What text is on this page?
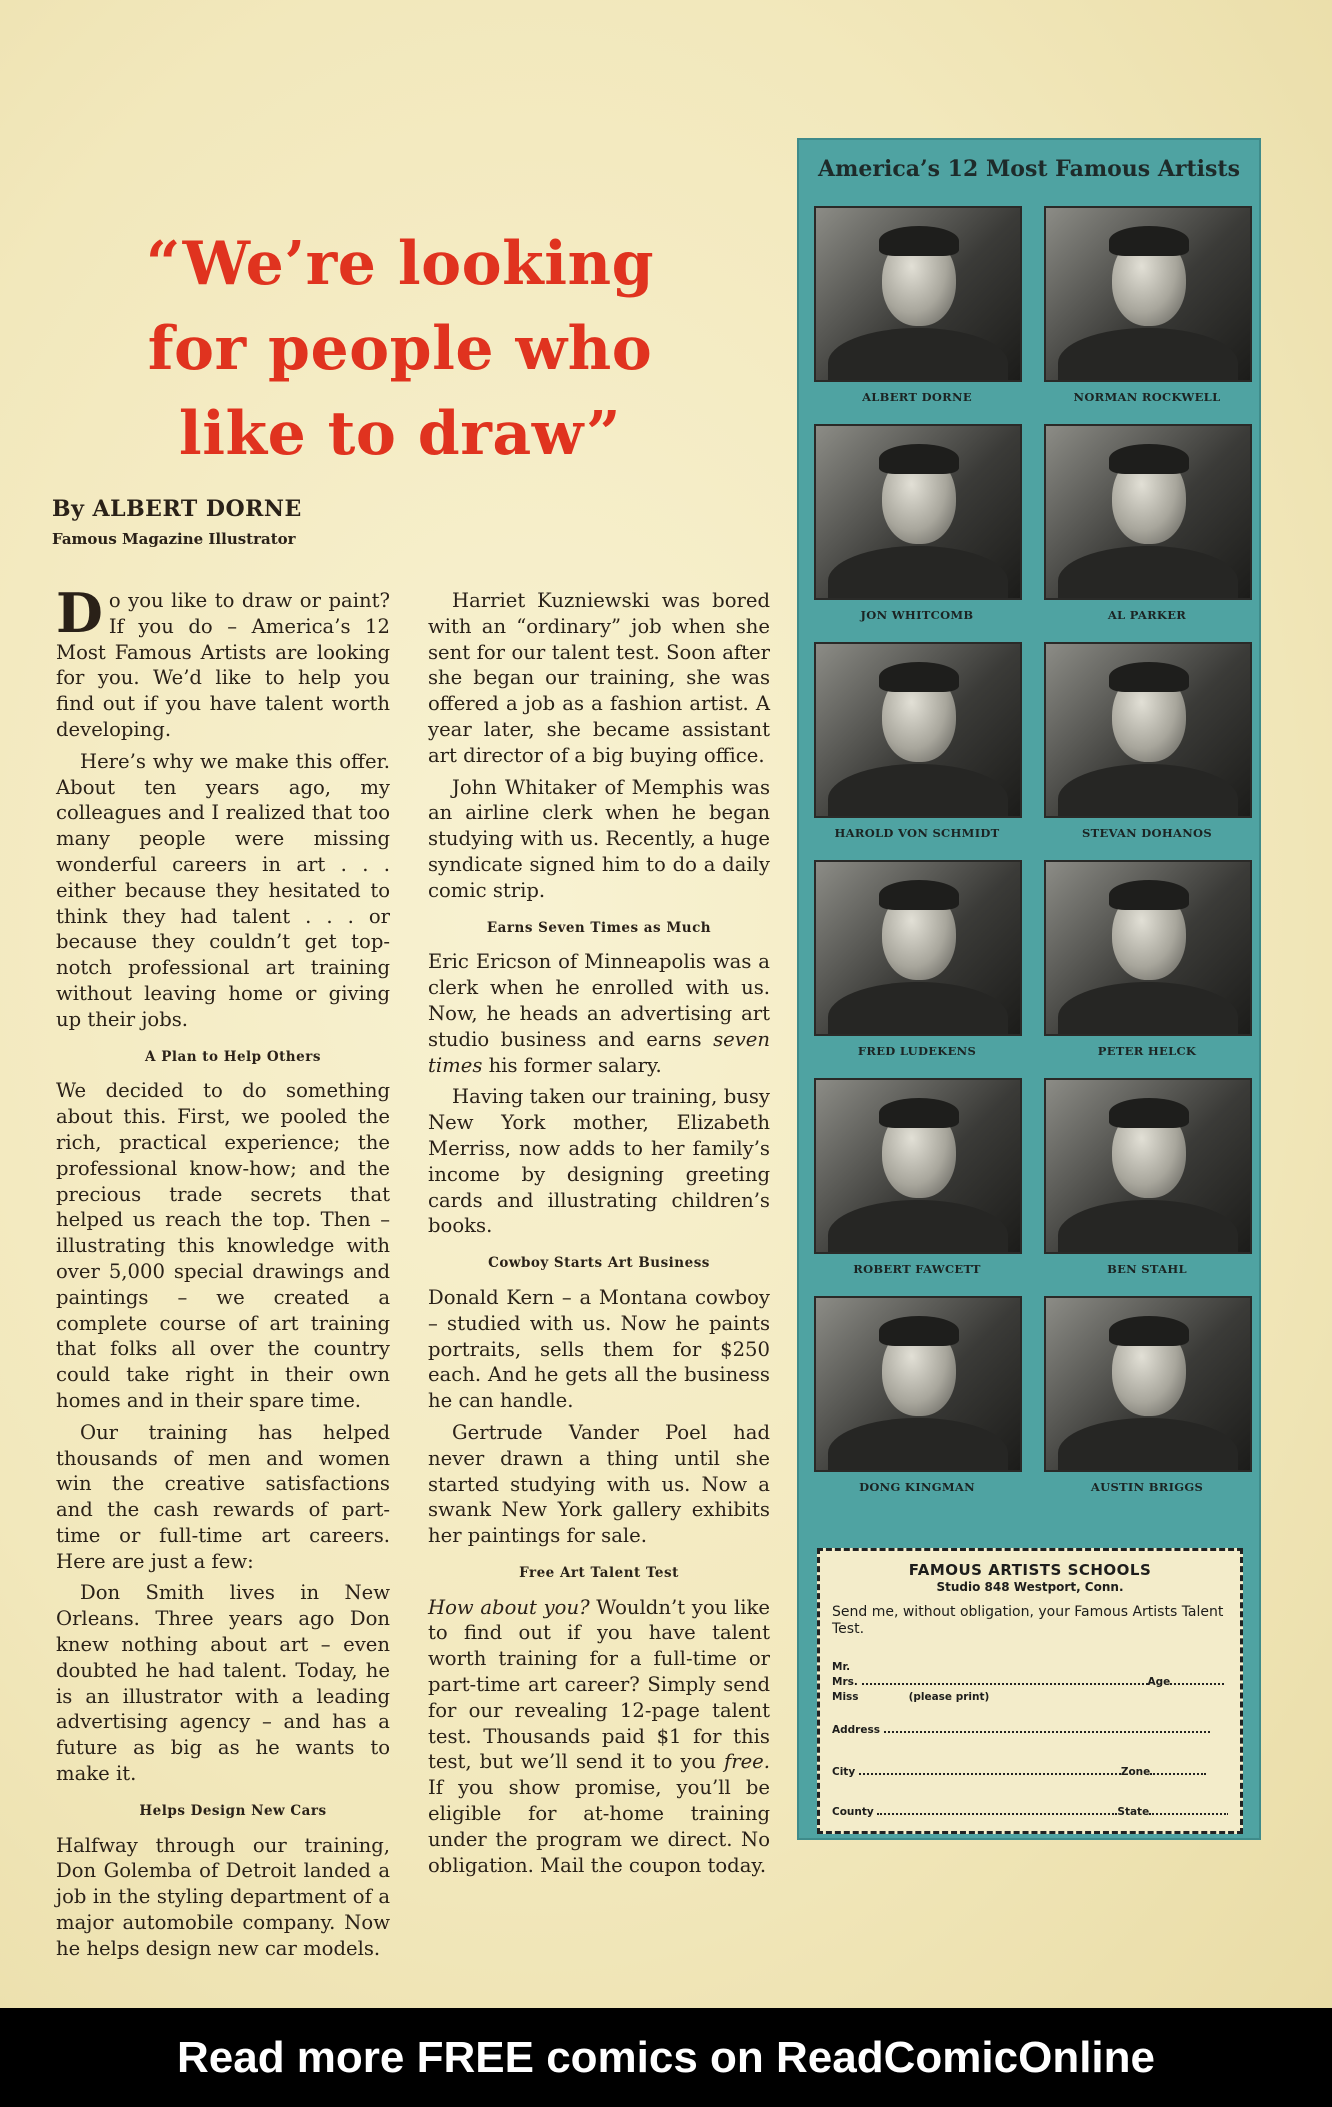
“We’re looking
for people who
like to draw”
By ALBERT DORNE
Famous Magazine Illustrator

Do you like to draw or paint? If you do – America’s 12 Most Famous Artists are looking for you. We’d like to help you find out if you have talent worth developing.

Here’s why we make this offer. About ten years ago, my colleagues and I realized that too many people were missing wonderful careers in art . . . either because they hesitated to think they had talent . . . or because they couldn’t get top-notch professional art training without leaving home or giving up their jobs.

A Plan to Help Others

We decided to do something about this. First, we pooled the rich, practical experience; the professional know-how; and the precious trade secrets that helped us reach the top. Then – illustrating this knowledge with over 5,000 special drawings and paintings – we created a complete course of art training that folks all over the country could take right in their own homes and in their spare time.

Our training has helped thousands of men and women win the creative satisfactions and the cash rewards of part-time or full-time art careers. Here are just a few:

Don Smith lives in New Orleans. Three years ago Don knew nothing about art – even doubted he had talent. Today, he is an illustrator with a leading advertising agency – and has a future as big as he wants to make it.

Helps Design New Cars

Halfway through our training, Don Golemba of Detroit landed a job in the styling department of a major automobile company. Now he helps design new car models.

Harriet Kuzniewski was bored with an “ordinary” job when she sent for our talent test. Soon after she began our training, she was offered a job as a fashion artist. A year later, she became assistant art director of a big buying office.

John Whitaker of Memphis was an airline clerk when he began studying with us. Recently, a huge syndicate signed him to do a daily comic strip.

Earns Seven Times as Much

Eric Ericson of Minneapolis was a clerk when he enrolled with us. Now, he heads an advertising art studio business and earns seven times his former salary.

Having taken our training, busy New York mother, Elizabeth Merriss, now adds to her family’s income by designing greeting cards and illustrating children’s books.

Cowboy Starts Art Business

Donald Kern – a Montana cowboy – studied with us. Now he paints portraits, sells them for $250 each. And he gets all the business he can handle.

Gertrude Vander Poel had never drawn a thing until she started studying with us. Now a swank New York gallery exhibits her paintings for sale.

Free Art Talent Test

How about you? Wouldn’t you like to find out if you have talent worth training for a full-time or part-time art career? Simply send for our revealing 12-page talent test. Thousands paid $1 for this test, but we’ll send it to you free. If you show promise, you’ll be eligible for at-home training under the program we direct. No obligation. Mail the coupon today.

America’s 12 Most Famous Artists
ALBERT DORNE	NORMAN ROCKWELL
JON WHITCOMB	AL PARKER
HAROLD VON SCHMIDT	STEVAN DOHANOS
FRED LUDEKENS	PETER HELCK
ROBERT FAWCETT	BEN STAHL
DONG KINGMAN	AUSTIN BRIGGS
FAMOUS ARTISTS SCHOOLS
Studio 848 Westport, Conn.
Send me, without obligation, your Famous Artists Talent Test.
Mr.
Mrs.	Age
Miss	(please print)
Address
City	Zone
County	State
Read more FREE comics on ReadComicOnline
